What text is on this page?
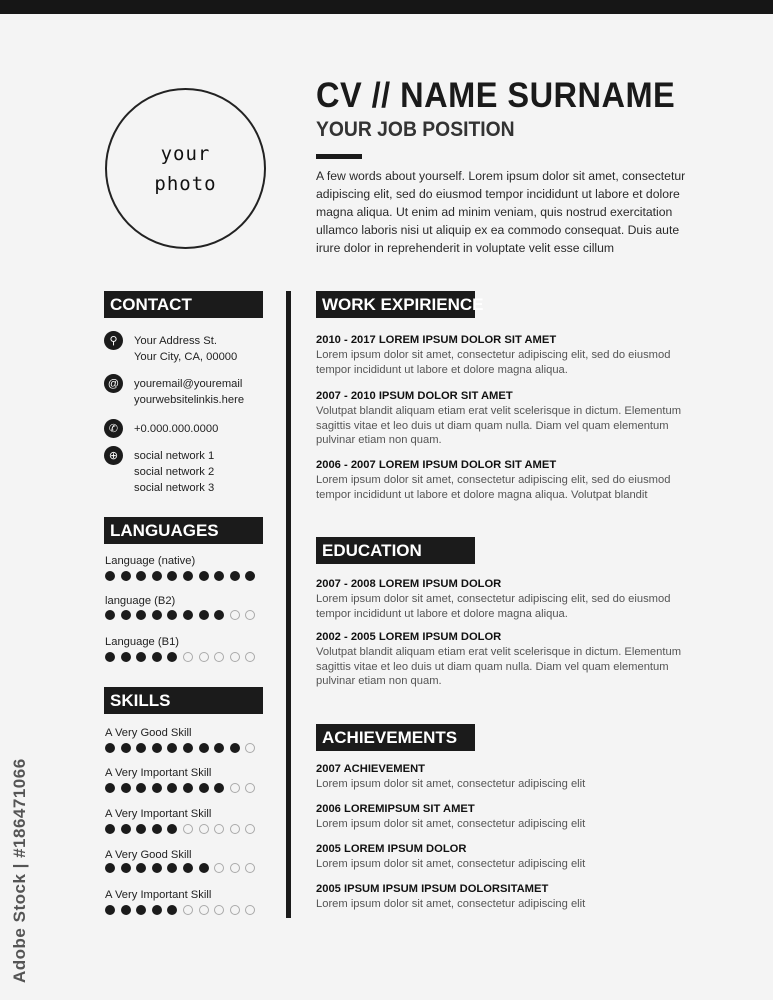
your
photo
CV // NAME SURNAME
YOUR JOB POSITION

A few words about yourself. Lorem ipsum dolor sit amet, consectetur adipiscing elit, sed do eiusmod tempor incididunt ut labore et dolore magna aliqua. Ut enim ad minim veniam, quis nostrud exercitation ullamco laboris nisi ut aliquip ex ea commodo consequat. Duis aute irure dolor in reprehenderit in voluptate velit esse cillum

CONTACT
⚲	Your Address St.
Your City, CA, 00000
@	youremail@youremail
yourwebsitelinkis.here
✆	+0.000.000.0000
⊕	social network 1
social network 2
social network 3
LANGUAGES
Language (native)
language (B2)
Language (B1)
SKILLS
A Very Good Skill
A Very Important Skill
A Very Important Skill
A Very Good Skill
A Very Important Skill
WORK EXPIRIENCE
2010 - 2017 LOREM IPSUM DOLOR SIT AMET
Lorem ipsum dolor sit amet, consectetur adipiscing elit, sed do eiusmod tempor incididunt ut labore et dolore magna aliqua.
2007 - 2010 IPSUM DOLOR SIT AMET
Volutpat blandit aliquam etiam erat velit scelerisque in dictum. Elementum sagittis vitae et leo duis ut diam quam nulla. Diam vel quam elementum pulvinar etiam non quam.
2006 - 2007 LOREM IPSUM DOLOR SIT AMET
Lorem ipsum dolor sit amet, consectetur adipiscing elit, sed do eiusmod tempor incididunt ut labore et dolore magna aliqua. Volutpat blandit
EDUCATION
2007 - 2008 LOREM IPSUM DOLOR
Lorem ipsum dolor sit amet, consectetur adipiscing elit, sed do eiusmod tempor incididunt ut labore et dolore magna aliqua.
2002 - 2005 LOREM IPSUM DOLOR
Volutpat blandit aliquam etiam erat velit scelerisque in dictum. Elementum sagittis vitae et leo duis ut diam quam nulla. Diam vel quam elementum pulvinar etiam non quam.
ACHIEVEMENTS
2007 ACHIEVEMENT
Lorem ipsum dolor sit amet, consectetur adipiscing elit
2006 LOREMIPSUM SIT AMET
Lorem ipsum dolor sit amet, consectetur adipiscing elit
2005 LOREM IPSUM DOLOR
Lorem ipsum dolor sit amet, consectetur adipiscing elit
2005 IPSUM IPSUM IPSUM DOLORSITAMET
Lorem ipsum dolor sit amet, consectetur adipiscing elit
Adobe Stock | #186471066
